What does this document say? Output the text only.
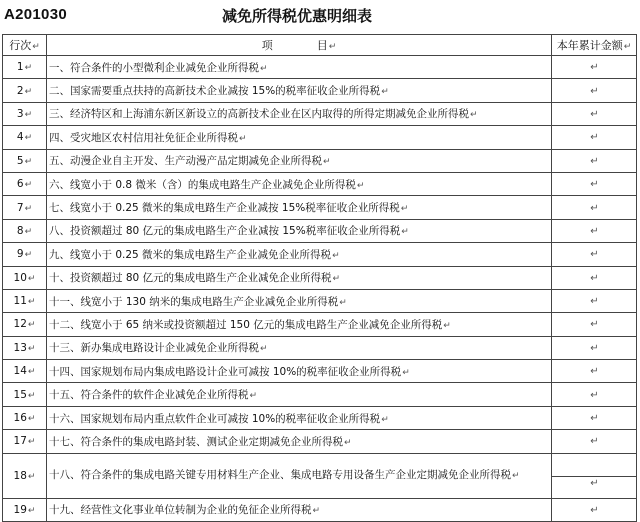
A201030	减免所得税优惠明细表
行次↵	项　　　　目↵	本年累计金额↵
1↵	一、符合条件的小型微利企业减免企业所得税↵	↵
2↵	二、国家需要重点扶持的高新技术企业减按 15%的税率征收企业所得税↵	↵
3↵	三、经济特区和上海浦东新区新设立的高新技术企业在区内取得的所得定期减免企业所得税↵	↵
4↵	四、受灾地区农村信用社免征企业所得税↵	↵
5↵	五、动漫企业自主开发、生产动漫产品定期减免企业所得税↵	↵
6↵	六、线宽小于 0.8 微米（含）的集成电路生产企业减免企业所得税↵	↵
7↵	七、线宽小于 0.25 微米的集成电路生产企业减按 15%税率征收企业所得税↵	↵
8↵	八、投资额超过 80 亿元的集成电路生产企业减按 15%税率征收企业所得税↵	↵
9↵	九、线宽小于 0.25 微米的集成电路生产企业减免企业所得税↵	↵
10↵	十、投资额超过 80 亿元的集成电路生产企业减免企业所得税↵	↵
11↵	十一、线宽小于 130 纳米的集成电路生产企业减免企业所得税↵	↵
12↵	十二、线宽小于 65 纳米或投资额超过 150 亿元的集成电路生产企业减免企业所得税↵	↵
13↵	十三、新办集成电路设计企业减免企业所得税↵	↵
14↵	十四、国家规划布局内集成电路设计企业可减按 10%的税率征收企业所得税↵	↵
15↵	十五、符合条件的软件企业减免企业所得税↵	↵
16↵	十六、国家规划布局内重点软件企业可减按 10%的税率征收企业所得税↵	↵
17↵	十七、符合条件的集成电路封装、测试企业定期减免企业所得税↵	↵
18↵	十八、符合条件的集成电路关键专用材料生产企业、集成电路专用设备生产企业定期减免企业所得税↵	↵
19↵	十九、经营性文化事业单位转制为企业的免征企业所得税↵	↵
